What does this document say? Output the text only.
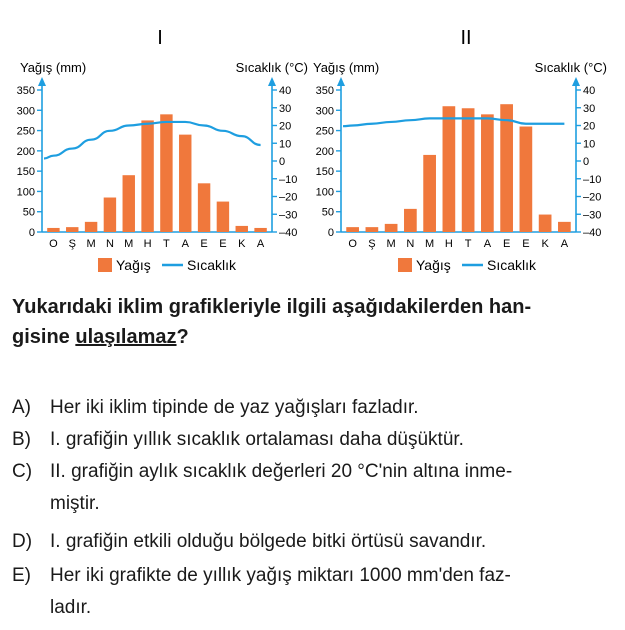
I
Yağış (mm)	Sıcaklık (°C)
350
300
250
200
150
100
50
0
40
30
20
10
0
–10
–20
–30
–40
O Ş M N M H T A E E K A
Yağış	Sıcaklık
II
Yağış (mm)	Sıcaklık (°C)
350
300
250
200
150
100
50
0
40
30
20
10
0
–10
–20
–30
–40
O Ş M N M H T A E E K A
Yağış	Sıcaklık
Yukarıdaki iklim grafikleriyle ilgili aşağıdakilerden han-
gisine ulaşılamaz?
A)	Her iki iklim tipinde de yaz yağışları fazladır.
B)	I. grafiğin yıllık sıcaklık ortalaması daha düşüktür.
C) II. grafiğin aylık sıcaklık değerleri 20 °C'nin altına inme-
miştir.
D) I. grafiğin etkili olduğu bölgede bitki örtüsü savandır.
E)	Her iki grafikte de yıllık yağış miktarı 1000 mm'den faz-
ladır.
